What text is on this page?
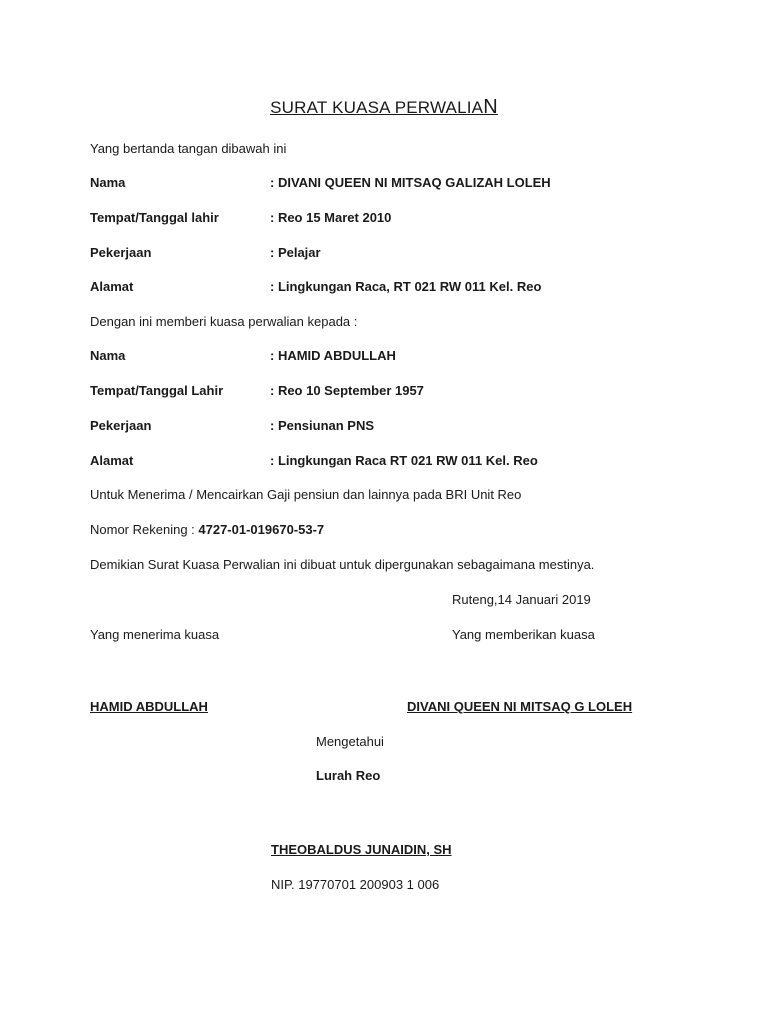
SURAT KUASA PERWALIAN
Yang bertanda tangan dibawah ini
Nama	: DIVANI QUEEN NI MITSAQ GALIZAH LOLEH
Tempat/Tanggal lahir	: Reo 15 Maret 2010
Pekerjaan	: Pelajar
Alamat	: Lingkungan Raca, RT 021 RW 011 Kel. Reo
Dengan ini memberi kuasa perwalian kepada :
Nama	: HAMID ABDULLAH
Tempat/Tanggal Lahir	: Reo 10 September 1957
Pekerjaan	: Pensiunan PNS
Alamat	: Lingkungan Raca RT 021 RW 011 Kel. Reo
Untuk Menerima / Mencairkan Gaji pensiun dan lainnya pada BRI Unit Reo
Nomor Rekening : 4727-01-019670-53-7
Demikian Surat Kuasa Perwalian ini dibuat untuk dipergunakan sebagaimana mestinya.
Ruteng,14 Januari 2019
Yang menerima kuasa	Yang memberikan kuasa
HAMID ABDULLAH	DIVANI QUEEN NI MITSAQ G LOLEH
Mengetahui
Lurah Reo
THEOBALDUS JUNAIDIN, SH
NIP. 19770701 200903 1 006
